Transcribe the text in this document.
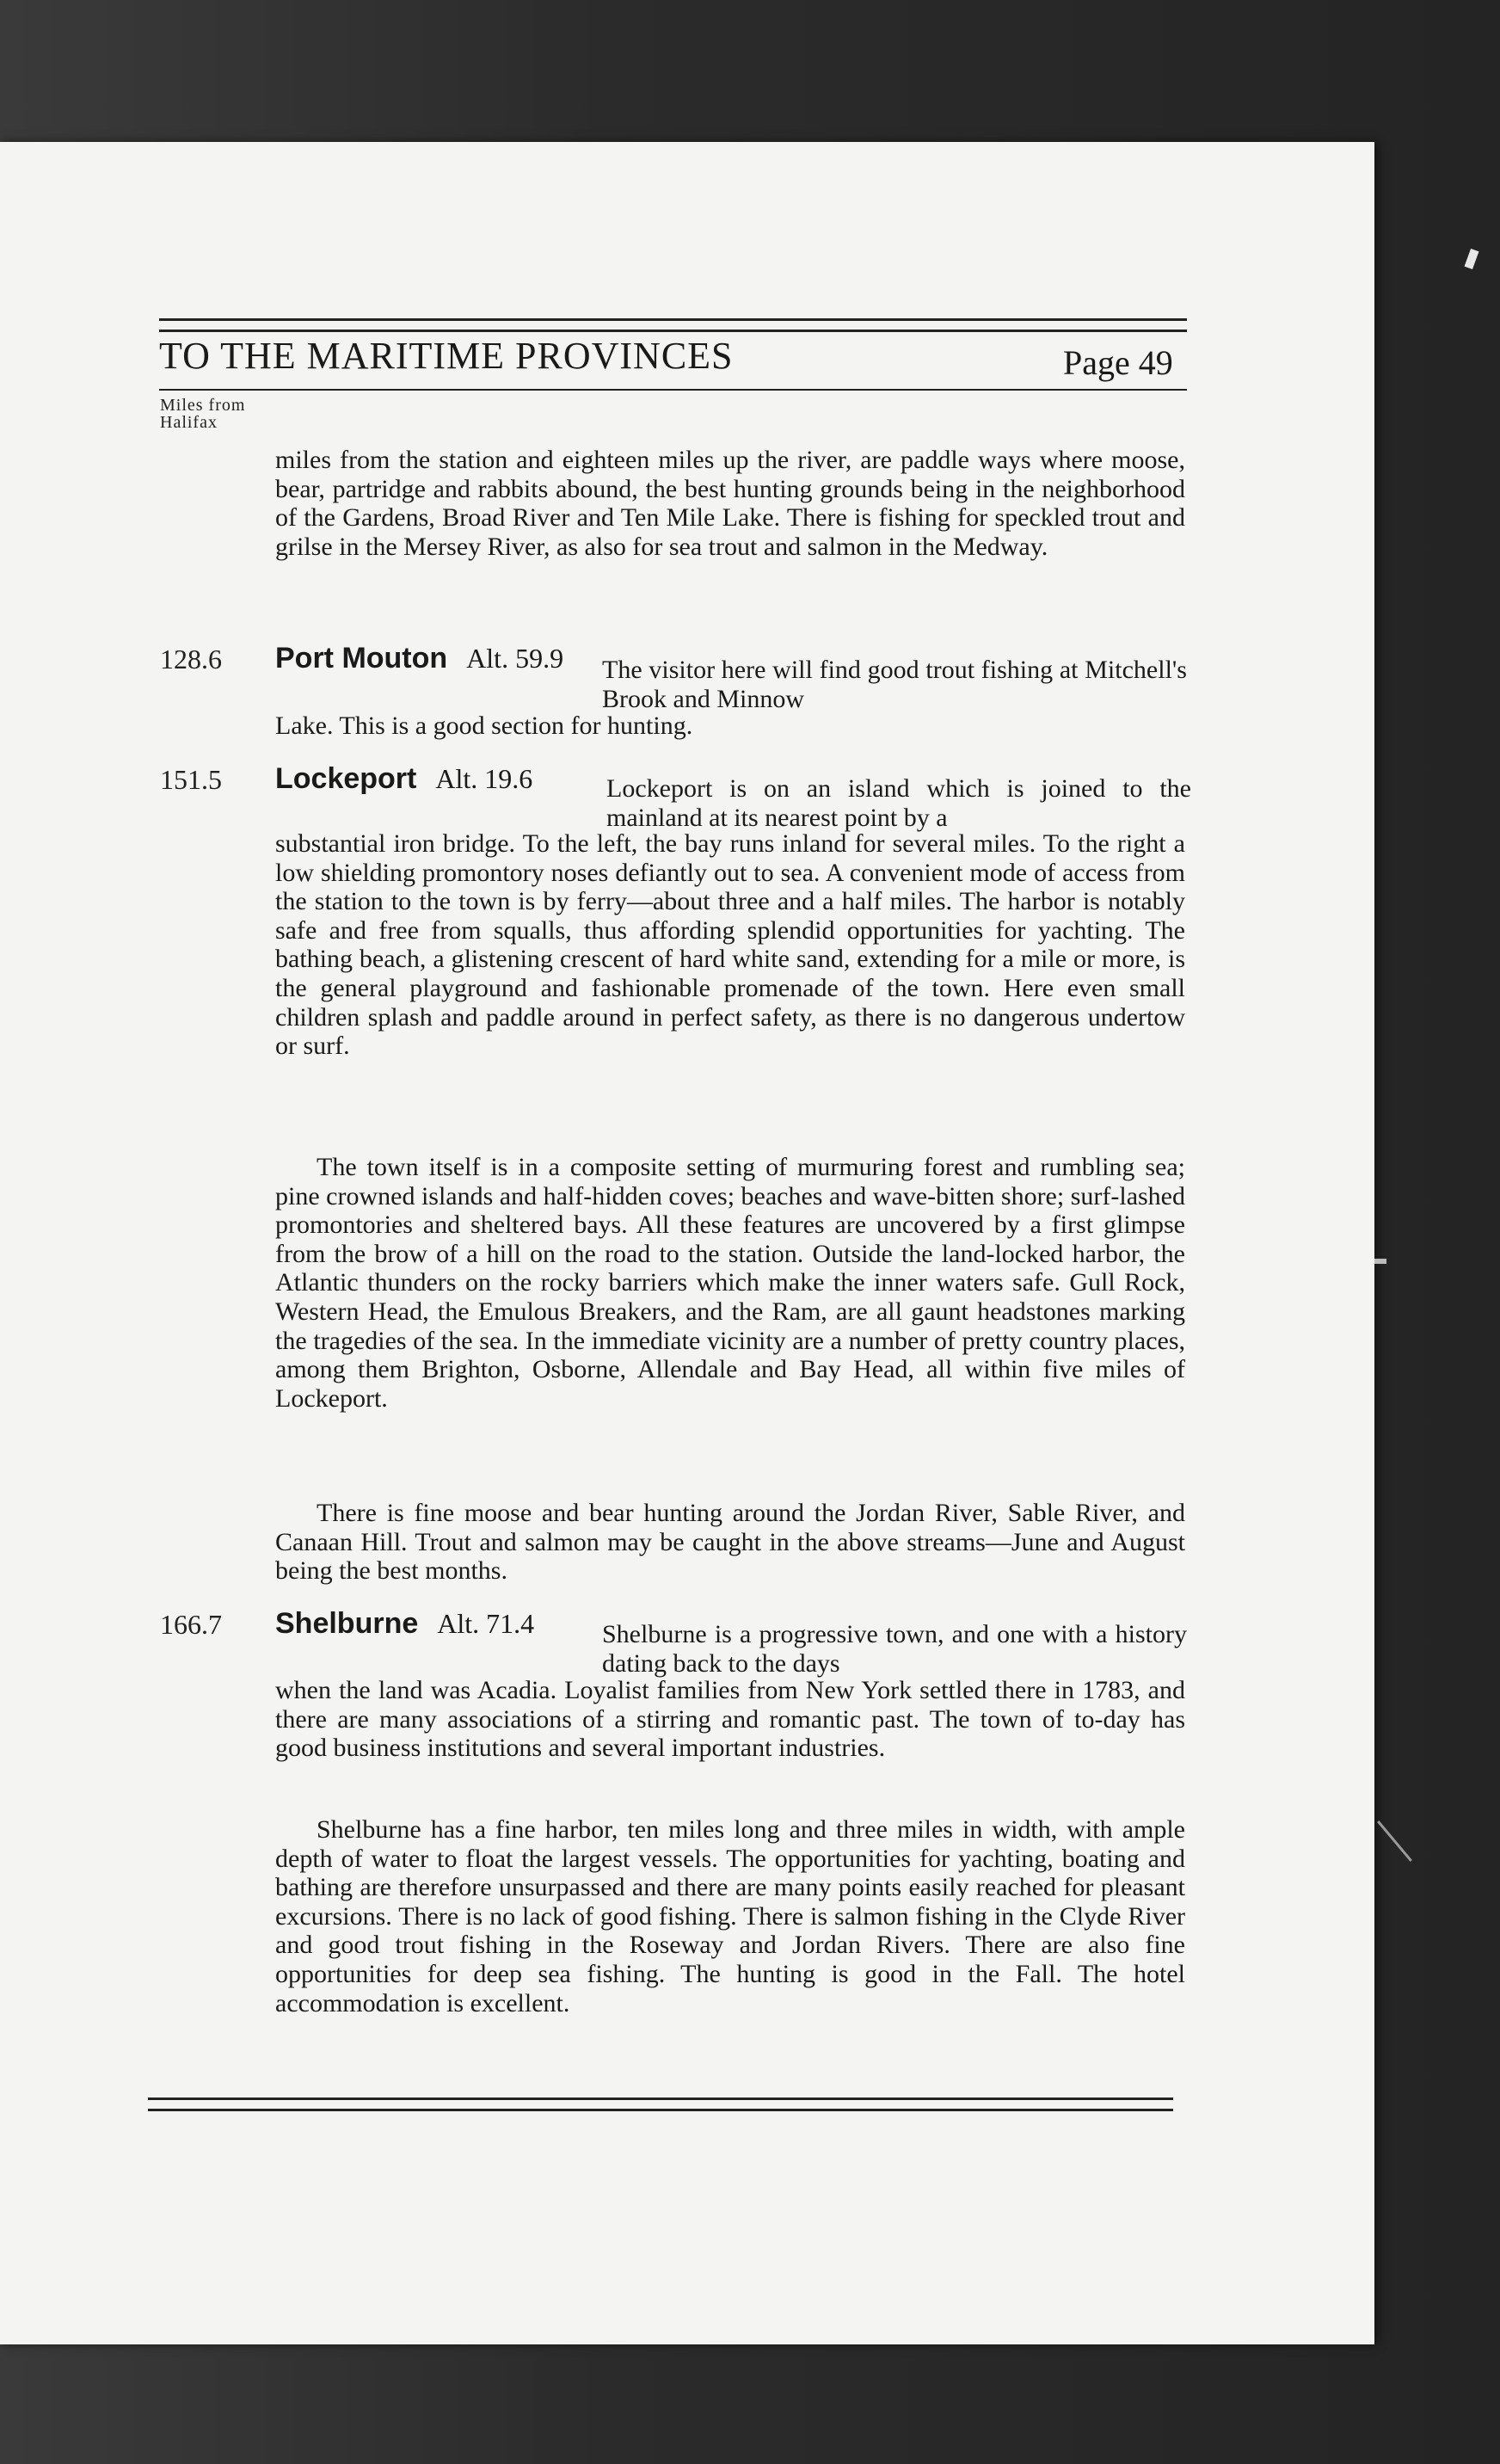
TO THE MARITIME PROVINCES	Page 49
Miles from
Halifax

miles from the station and eighteen miles up the river, are paddle ways where moose, bear, partridge and rabbits abound, the best hunting grounds being in the neighborhood of the Gardens, Broad River and Ten Mile Lake. There is fishing for speckled trout and grilse in the Mersey River, as also for sea trout and salmon in the Medway.

128.6 Port Mouton Alt. 59.9 The visitor here will find good trout fishing at Mitchell's Brook and Minnow

Lake. This is a good section for hunting.

151.5 Lockeport Alt. 19.6	Lockeport is on an island which is joined to the mainland at its nearest point by a

substantial iron bridge. To the left, the bay runs inland for several miles. To the right a low shielding promontory noses defiantly out to sea. A convenient mode of access from the station to the town is by ferry—about three and a half miles. The harbor is notably safe and free from squalls, thus affording splendid opportunities for yachting. The bathing beach, a glistening crescent of hard white sand, extending for a mile or more, is the general playground and fashionable promenade of the town. Here even small children splash and paddle around in perfect safety, as there is no dangerous undertow or surf.

The town itself is in a composite setting of murmuring forest and rumbling sea; pine crowned islands and half-hidden coves; beaches and wave-bitten shore; surf-lashed promontories and sheltered bays. All these features are uncovered by a first glimpse from the brow of a hill on the road to the station. Outside the land-locked harbor, the Atlantic thunders on the rocky barriers which make the inner waters safe. Gull Rock, Western Head, the Emulous Breakers, and the Ram, are all gaunt headstones marking the tragedies of the sea. In the immediate vicinity are a number of pretty country places, among them Brighton, Osborne, Allendale and Bay Head, all within five miles of Lockeport.

There is fine moose and bear hunting around the Jordan River, Sable River, and Canaan Hill. Trout and salmon may be caught in the above streams—June and August being the best months.

166.7 Shelburne Alt. 71.4	Shelburne is a progressive town, and one with a history dating back to the days

when the land was Acadia. Loyalist families from New York settled there in 1783, and there are many associations of a stirring and romantic past. The town of to-day has good business institutions and several important industries.

Shelburne has a fine harbor, ten miles long and three miles in width, with ample depth of water to float the largest vessels. The opportunities for yachting, boating and bathing are therefore unsurpassed and there are many points easily reached for pleasant excursions. There is no lack of good fishing. There is salmon fishing in the Clyde River and good trout fishing in the Roseway and Jordan Rivers. There are also fine opportunities for deep sea fishing. The hunting is good in the Fall. The hotel accommodation is excellent.
